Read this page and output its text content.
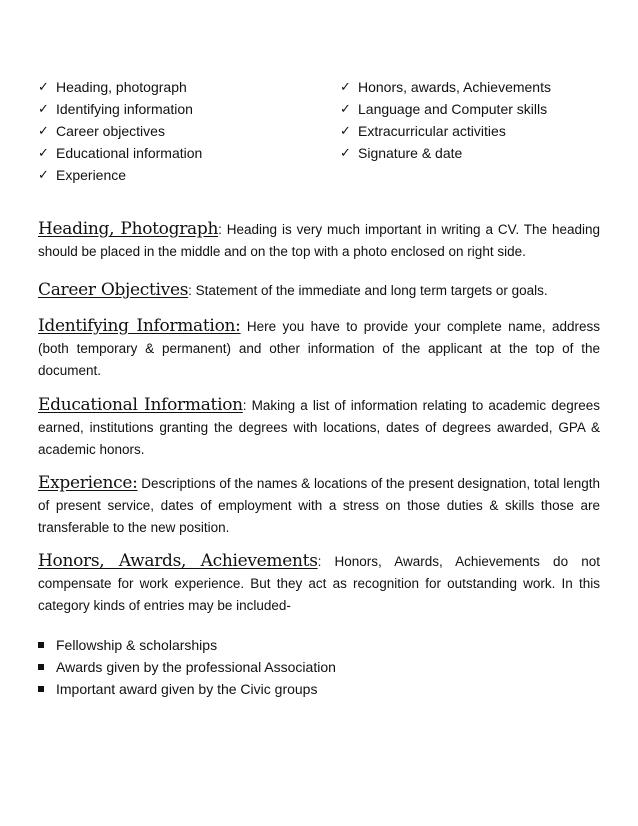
✓ Heading, photograph
✓ Identifying information
✓ Career objectives
✓ Educational information
✓ Experience
✓ Honors, awards, Achievements
✓ Language and Computer skills
✓ Extracurricular activities
✓ Signature & date
Heading, Photograph: Heading is very much important in writing a CV. The heading should be placed in the middle and on the top with a photo enclosed on right side.
Career Objectives: Statement of the immediate and long term targets or goals.
Identifying Information: Here you have to provide your complete name, address (both temporary & permanent) and other information of the applicant at the top of the document.
Educational Information: Making a list of information relating to academic degrees earned, institutions granting the degrees with locations, dates of degrees awarded, GPA & academic honors.
Experience: Descriptions of the names & locations of the present designation, total length of present service, dates of employment with a stress on those duties & skills those are transferable to the new position.
Honors, Awards, Achievements: Honors, Awards, Achievements do not compensate for work experience. But they act as recognition for outstanding work. In this category kinds of entries may be included-
Fellowship & scholarships
Awards given by the professional Association
Important award given by the Civic groups
